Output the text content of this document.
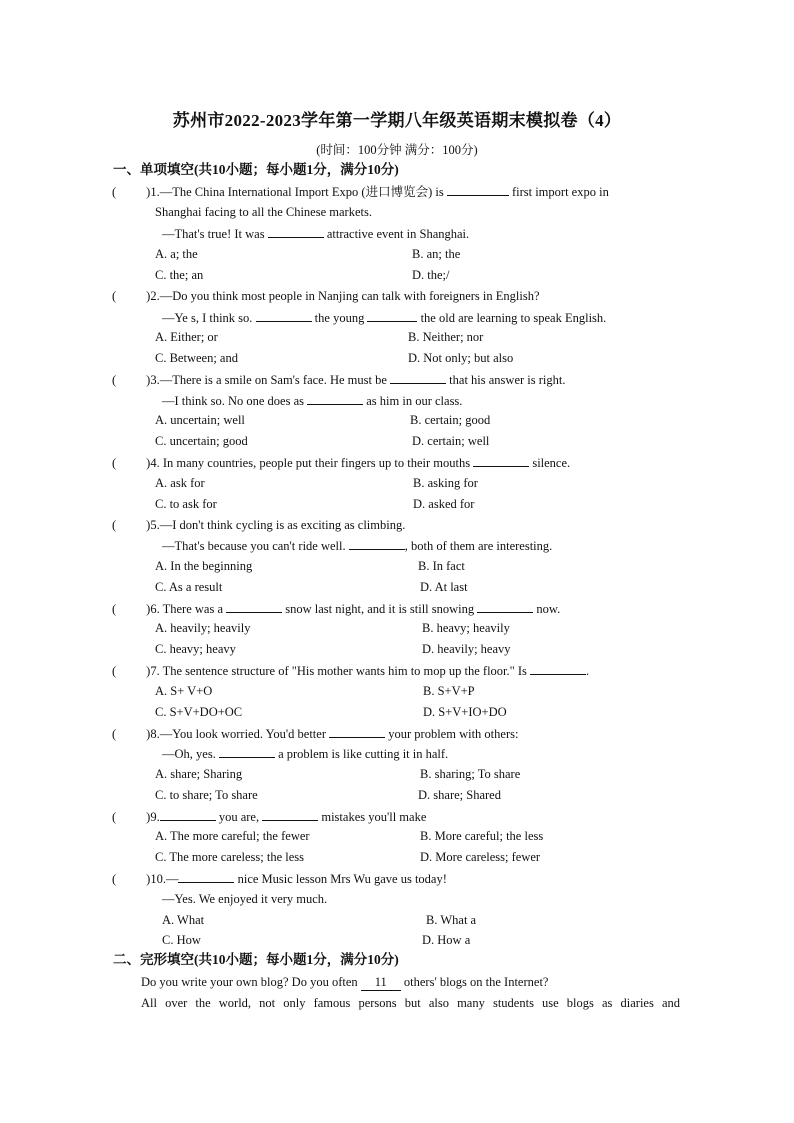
苏州市2022-2023学年第一学期八年级英语期末模拟卷（4）
(时间：100分钟 满分：100分)
一、单项填空(共10小题；每小题1分，满分10分)
( )1.—The China International Import Expo (进口博览会) is	first import expo in
Shanghai facing to all the Chinese markets.
—That's true! It was	attractive event in Shanghai.
A. a; the	B. an; the
C. the; an	D. the;/
( )2.—Do you think most people in Nanjing can talk with foreigners in English?
—Ye s, I think so.	the young	the old are learning to speak English.
A. Either; or	B. Neither; nor
C. Between; and	D. Not only; but also
( )3.—There is a smile on Sam's face. He must be	that his answer is right.
—I think so. No one does as	as him in our class.
A. uncertain; well	B. certain; good
C. uncertain; good	D. certain; well
( )4. In many countries, people put their fingers up to their mouths	silence.
A. ask for	B. asking for
C. to ask for	D. asked for
( )5.—I don't think cycling is as exciting as climbing.
—That's because you can't ride well.	, both of them are interesting.
A. In the beginning	B. In fact
C. As a result	D. At last
( )6. There was a	snow last night, and it is still snowing	now.
A. heavily; heavily	B. heavy; heavily
C. heavy; heavy	D. heavily; heavy
( )7. The sentence structure of "His mother wants him to mop up the floor." Is	.
A. S+ V+O	B. S+V+P
C. S+V+DO+OC	D. S+V+IO+DO
( )8.—You look worried. You'd better	your problem with others:
—Oh, yes.	a problem is like cutting it in half.
A. share; Sharing	B. sharing; To share
C. to share; To share	D. share; Shared
( )9.	you are,	mistakes you'll make
A. The more careful; the fewer	B. More careful; the less
C. The more careless; the less	D. More careless; fewer
( )10.—	nice Music lesson Mrs Wu gave us today!
—Yes. We enjoyed it very much.
A. What	B. What a
C. How	D. How a
二、完形填空(共10小题；每小题1分，满分10分)
Do you write your own blog? Do you often 11 others' blogs on the Internet?
All over the world, not only famous persons but also many students use blogs as diaries and
